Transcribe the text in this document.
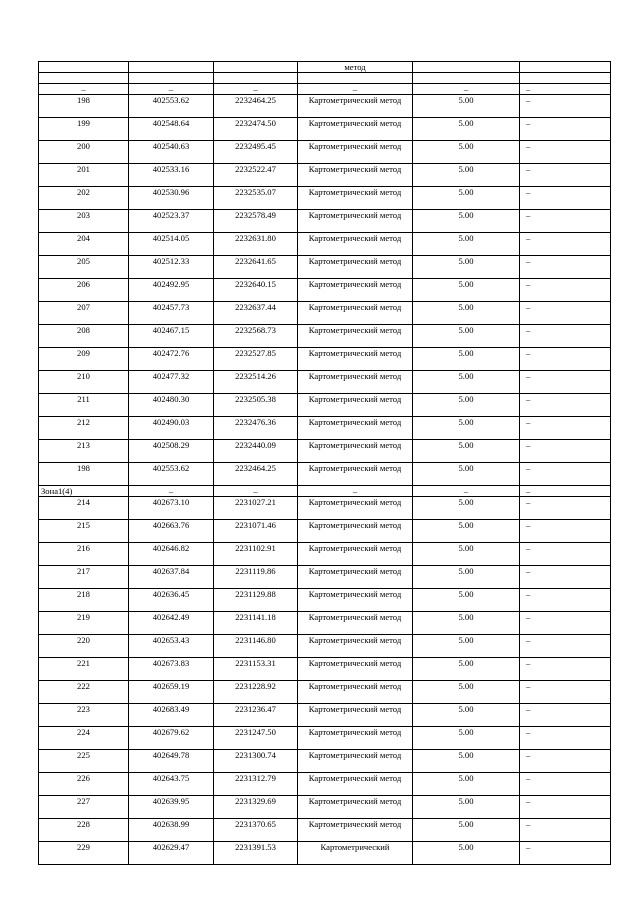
			метод		

–	–	–	–	–	–
198	402553.62	2232464.25	Картометрический метод	5.00	–
199	402548.64	2232474.50	Картометрический метод	5.00	–
200	402540.63	2232495.45	Картометрический метод	5.00	–
201	402533.16	2232522.47	Картометрический метод	5.00	–
202	402530.96	2232535.07	Картометрический метод	5.00	–
203	402523.37	2232578.49	Картометрический метод	5.00	–
204	402514.05	2232631.80	Картометрический метод	5.00	–
205	402512.33	2232641.65	Картометрический метод	5.00	–
206	402492.95	2232640.15	Картометрический метод	5.00	–
207	402457.73	2232637.44	Картометрический метод	5.00	–
208	402467.15	2232568.73	Картометрический метод	5.00	–
209	402472.76	2232527.85	Картометрический метод	5.00	–
210	402477.32	2232514.26	Картометрический метод	5.00	–
211	402480.30	2232505.38	Картометрический метод	5.00	–
212	402490.03	2232476.36	Картометрический метод	5.00	–
213	402508.29	2232440.09	Картометрический метод	5.00	–
198	402553.62	2232464.25	Картометрический метод	5.00	–
Зона1(4)	–	–	–	–	–
214	402673.10	2231027.21	Картометрический метод	5.00	–
215	402663.76	2231071.46	Картометрический метод	5.00	–
216	402646.82	2231102.91	Картометрический метод	5.00	–
217	402637.84	2231119.86	Картометрический метод	5.00	–
218	402636.45	2231129.88	Картометрический метод	5.00	–
219	402642.49	2231141.18	Картометрический метод	5.00	–
220	402653.43	2231146.80	Картометрический метод	5.00	–
221	402673.83	2231153.31	Картометрический метод	5.00	–
222	402659.19	2231228.92	Картометрический метод	5.00	–
223	402683.49	2231236.47	Картометрический метод	5.00	–
224	402679.62	2231247.50	Картометрический метод	5.00	–
225	402649.78	2231300.74	Картометрический метод	5.00	–
226	402643.75	2231312.79	Картометрический метод	5.00	–
227	402639.95	2231329.69	Картометрический метод	5.00	–
228	402638.99	2231370.65	Картометрический метод	5.00	–
229	402629.47	2231391.53	Картометрический	5.00	–
